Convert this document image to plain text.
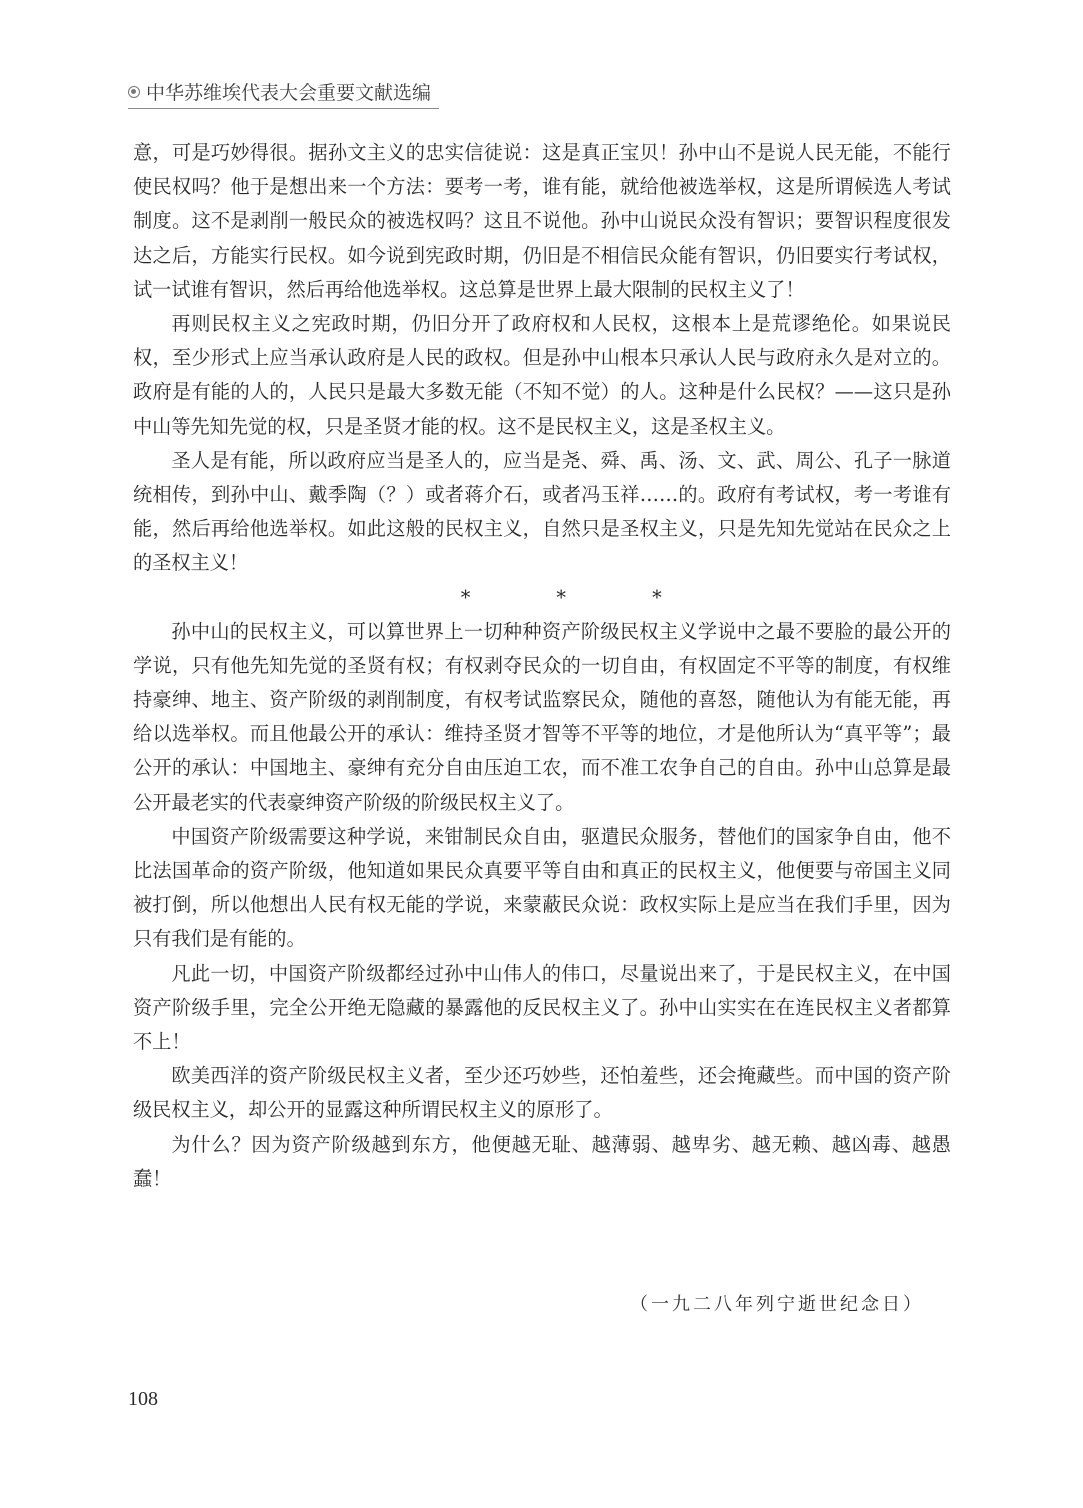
中华苏维埃代表大会重要文献选编

意，可是巧妙得很。据孙文主义的忠实信徒说：这是真正宝贝！孙中山不是说人民无能，不能行使民权吗？他于是想出来一个方法：要考一考，谁有能，就给他被选举权，这是所谓候选人考试制度。这不是剥削一般民众的被选权吗？这且不说他。孙中山说民众没有智识；要智识程度很发达之后，方能实行民权。如今说到宪政时期，仍旧是不相信民众能有智识，仍旧要实行考试权，试一试谁有智识，然后再给他选举权。这总算是世界上最大限制的民权主义了！

再则民权主义之宪政时期，仍旧分开了政府权和人民权，这根本上是荒谬绝伦。如果说民权，至少形式上应当承认政府是人民的政权。但是孙中山根本只承认人民与政府永久是对立的。政府是有能的人的，人民只是最大多数无能（不知不觉）的人。这种是什么民权？——这只是孙中山等先知先觉的权，只是圣贤才能的权。这不是民权主义，这是圣权主义。

圣人是有能，所以政府应当是圣人的，应当是尧、舜、禹、汤、文、武、周公、孔子一脉道统相传，到孙中山、戴季陶（？）或者蒋介石，或者冯玉祥……的。政府有考试权，考一考谁有能，然后再给他选举权。如此这般的民权主义，自然只是圣权主义，只是先知先觉站在民众之上的圣权主义！

* * *

孙中山的民权主义，可以算世界上一切种种资产阶级民权主义学说中之最不要脸的最公开的学说，只有他先知先觉的圣贤有权；有权剥夺民众的一切自由，有权固定不平等的制度，有权维持豪绅、地主、资产阶级的剥削制度，有权考试监察民众，随他的喜怒，随他认为有能无能，再给以选举权。而且他最公开的承认：维持圣贤才智等不平等的地位，才是他所认为“真平等”；最公开的承认：中国地主、豪绅有充分自由压迫工农，而不准工农争自己的自由。孙中山总算是最公开最老实的代表豪绅资产阶级的阶级民权主义了。

中国资产阶级需要这种学说，来钳制民众自由，驱遣民众服务，替他们的国家争自由，他不比法国革命的资产阶级，他知道如果民众真要平等自由和真正的民权主义，他便要与帝国主义同被打倒，所以他想出人民有权无能的学说，来蒙蔽民众说：政权实际上是应当在我们手里，因为只有我们是有能的。

凡此一切，中国资产阶级都经过孙中山伟人的伟口，尽量说出来了，于是民权主义，在中国资产阶级手里，完全公开绝无隐藏的暴露他的反民权主义了。孙中山实实在在连民权主义者都算不上！

欧美西洋的资产阶级民权主义者，至少还巧妙些，还怕羞些，还会掩藏些。而中国的资产阶级民权主义，却公开的显露这种所谓民权主义的原形了。

为什么？因为资产阶级越到东方，他便越无耻、越薄弱、越卑劣、越无赖、越凶毒、越愚蠢！

（一九二八年列宁逝世纪念日）
108
